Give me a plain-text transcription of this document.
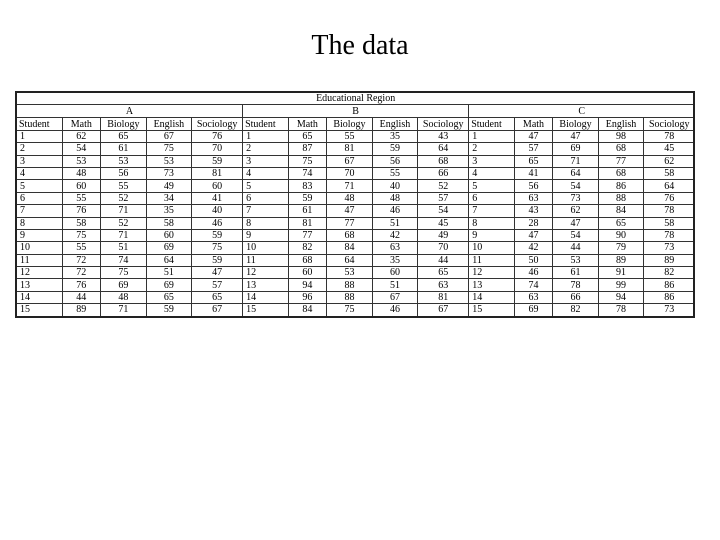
The data
Educational Region														
A					B					C				
Student	Math	Biology	English	Sociology	Student	Math	Biology	English	Sociology	Student	Math	Biology	English	Sociology
1	62	65	67	76	1	65	55	35	43	1	47	47	98	78
2	54	61	75	70	2	87	81	59	64	2	57	69	68	45
3	53	53	53	59	3	75	67	56	68	3	65	71	77	62
4	48	56	73	81	4	74	70	55	66	4	41	64	68	58
5	60	55	49	60	5	83	71	40	52	5	56	54	86	64
6	55	52	34	41	6	59	48	48	57	6	63	73	88	76
7	76	71	35	40	7	61	47	46	54	7	43	62	84	78
8	58	52	58	46	8	81	77	51	45	8	28	47	65	58
9	75	71	60	59	9	77	68	42	49	9	47	54	90	78
10	55	51	69	75	10	82	84	63	70	10	42	44	79	73
11	72	74	64	59	11	68	64	35	44	11	50	53	89	89
12	72	75	51	47	12	60	53	60	65	12	46	61	91	82
13	76	69	69	57	13	94	88	51	63	13	74	78	99	86
14	44	48	65	65	14	96	88	67	81	14	63	66	94	86
15	89	71	59	67	15	84	75	46	67	15	69	82	78	73
